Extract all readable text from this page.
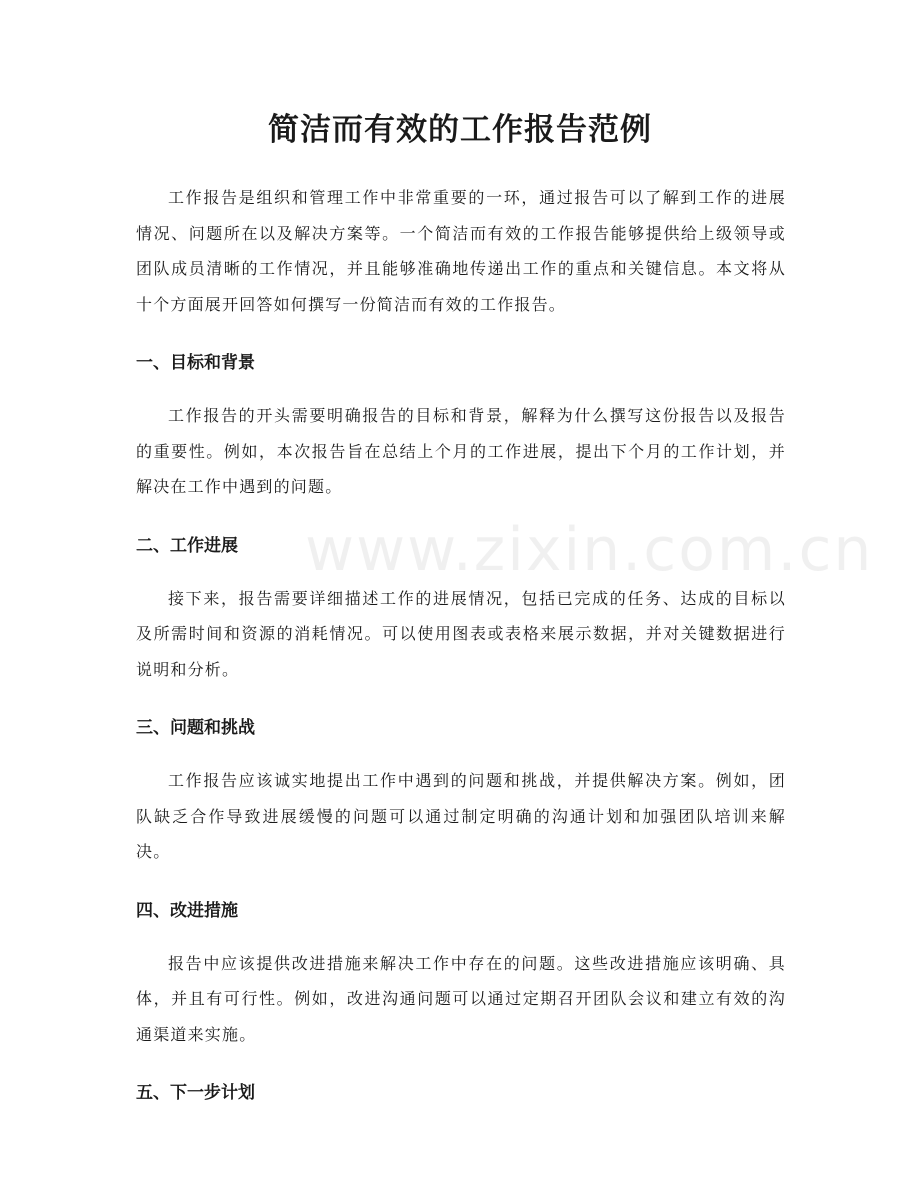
www.zixin.com.cn
简洁而有效的工作报告范例

工作报告是组织和管理工作中非常重要的一环，通过报告可以了解到工作的进展情况、问题所在以及解决方案等。一个简洁而有效的工作报告能够提供给上级领导或团队成员清晰的工作情况，并且能够准确地传递出工作的重点和关键信息。本文将从十个方面展开回答如何撰写一份简洁而有效的工作报告。

一、目标和背景

工作报告的开头需要明确报告的目标和背景，解释为什么撰写这份报告以及报告的重要性。例如，本次报告旨在总结上个月的工作进展，提出下个月的工作计划，并解决在工作中遇到的问题。

二、工作进展

接下来，报告需要详细描述工作的进展情况，包括已完成的任务、达成的目标以及所需时间和资源的消耗情况。可以使用图表或表格来展示数据，并对关键数据进行说明和分析。

三、问题和挑战

工作报告应该诚实地提出工作中遇到的问题和挑战，并提供解决方案。例如，团队缺乏合作导致进展缓慢的问题可以通过制定明确的沟通计划和加强团队培训来解决。

四、改进措施

报告中应该提供改进措施来解决工作中存在的问题。这些改进措施应该明确、具体，并且有可行性。例如，改进沟通问题可以通过定期召开团队会议和建立有效的沟通渠道来实施。

五、下一步计划
